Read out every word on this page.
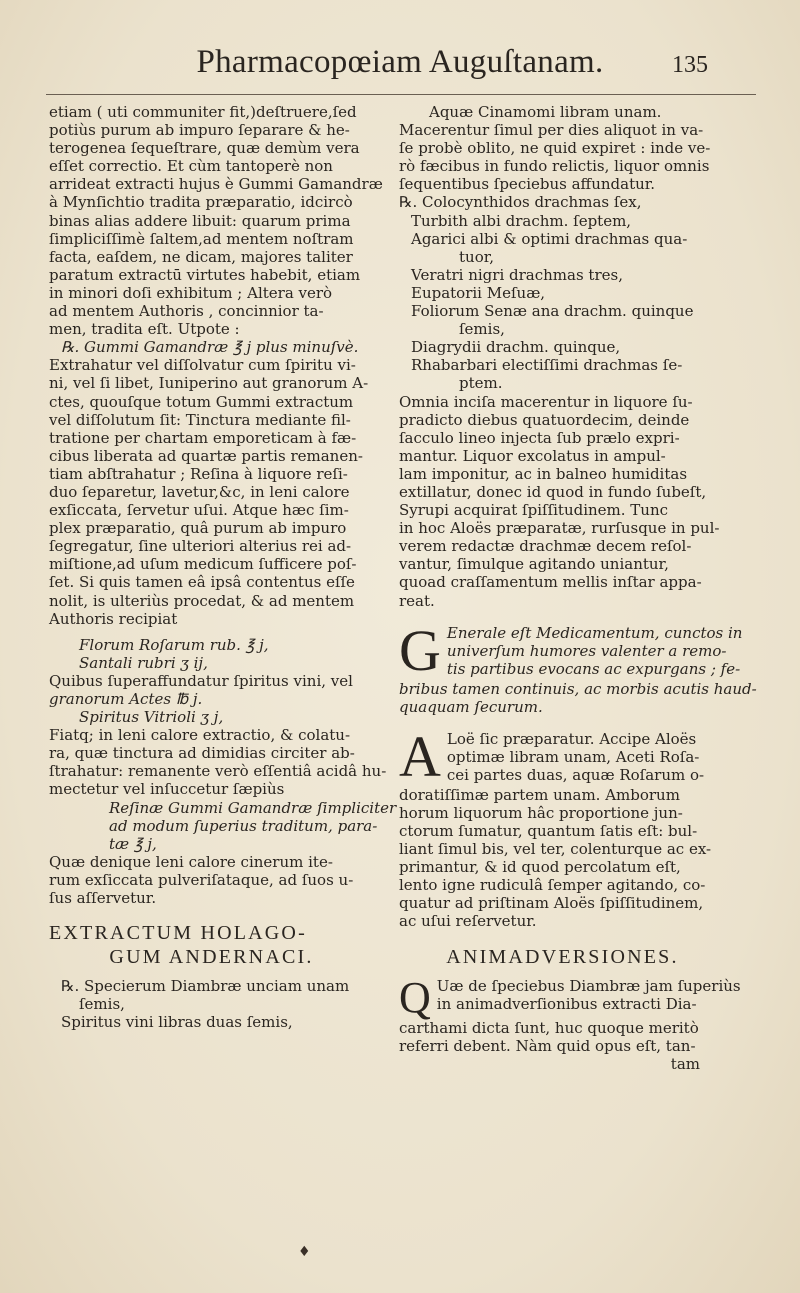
Pharmacopœiam Auguſtanam.	135
etiam ( uti communiter fit,)deſtruere,ſed
potiùs purum ab impuro ſeparare & he-
terogenea ſequeſtrare, quæ demùm vera
eſſet correctio. Et cùm tantoperè non
arrideat extracti hujus è Gummi Gamandræ
à Mynſichtio tradita præparatio, idcircò
binas alias addere libuit: quarum prima
ſimpliciſſimè ſaltem,ad mentem noſtram
facta, eaſdem, ne dicam, majores taliter
paratum extractū virtutes habebit, etiam
in minori doſi exhibitum ; Altera verò
ad mentem Authoris , concinnior ta-
men, tradita eſt. Utpote :
℞. Gummi Gamandræ ℥ j plus minuſvè.
Extrahatur vel diſſolvatur cum ſpiritu vi-
ni, vel ſi libet, Iuniperino aut granorum A-
ctes, quouſque totum Gummi extractum
vel diſſolutum ſit: Tinctura mediante fil-
tratione per chartam emporeticam à fæ-
cibus liberata ad quartæ partis remanen-
tiam abſtrahatur ; Reſina à liquore reſi-
duo ſeparetur, lavetur,&c, in leni calore
exſiccata, ſervetur uſui. Atque hæc ſim-
plex præparatio, quâ purum ab impuro
ſegregatur, ſine ulteriori alterius rei ad-
miſtione,ad uſum medicum ſufficere poſ-
ſet. Si quis tamen eâ ipsâ contentus eſſe
nolit, is ulteriùs procedat, & ad mentem
Authoris recipiat
Florum Roſarum rub. ℥ j,
Santali rubri ʒ ij,
Quibus ſuperaffundatur ſpiritus vini, vel
granorum Actes ℔ j.
Spiritus Vitrioli ʒ j,
Fiatq; in leni calore extractio, & colatu-
ra, quæ tinctura ad dimidias circiter ab-
ſtrahatur: remanente verò eſſentiâ acidâ hu-
mectetur vel inſuccetur ſæpiùs
Reſinæ Gummi Gamandræ ſimpliciter
ad modum ſuperius traditum, para-
tæ ℥ j,
Quæ denique leni calore cinerum ite-
rum exſiccata pulveriſataque, ad ſuos u-
ſus aſſervetur.
EXTRACTUM HOLAGO-
GUM ANDERNACI.
℞. Specierum Diambræ unciam unam
ſemis,
Spiritus vini libras duas ſemis,
Aquæ Cinamomi libram unam.
Macerentur ſimul per dies aliquot in va-
ſe probè oblito, ne quid expiret : inde ve-
rò fæcibus in fundo relictis, liquor omnis
ſequentibus ſpeciebus affundatur.
℞. Colocynthidos drachmas ſex,
Turbith albi drachm. ſeptem,
Agarici albi & optimi drachmas qua-
tuor,
Veratri nigri drachmas tres,
Eupatorii Meſuæ,
Foliorum Senæ ana drachm. quinque
ſemis,
Diagrydii drachm. quinque,
Rhabarbari electiſſimi drachmas ſe-
ptem.
Omnia inciſa macerentur in liquore ſu-
pradicto diebus quatuordecim, deinde
ſacculo lineo injecta ſub prælo expri-
mantur. Liquor excolatus in ampul-
lam imponitur, ac in balneo humiditas
extillatur, donec id quod in fundo ſubeſt,
Syrupi acquirat ſpiſſitudinem. Tunc
in hoc Aloës præparatæ, rurſusque in pul-
verem redactæ drachmæ decem reſol-
vantur, ſimulque agitando uniantur,
quoad craſſamentum mellis inſtar appa-
reat.
G Enerale eſt Medicamentum, cunctos in
univerſum humores valenter a remo-
tis partibus evocans ac expurgans ; fe-
bribus tamen continuis, ac morbis acutis haud-
quaquam ſecurum.
A Loë ſic præparatur. Accipe Aloës
optimæ libram unam, Aceti Roſa-
cei partes duas, aquæ Roſarum o-
doratiſſimæ partem unam. Amborum
horum liquorum hâc proportione jun-
ctorum ſumatur, quantum ſatis eſt: bul-
liant ſimul bis, vel ter, colenturque ac ex-
primantur, & id quod percolatum eſt,
lento igne rudiculâ ſemper agitando, co-
quatur ad priſtinam Aloës ſpiſſitudinem,
ac uſui reſervetur.
ANIMADVERSIONES.
Q Uæ de ſpeciebus Diambræ jam ſuperiùs
in animadverſionibus extracti Dia-
carthami dicta ſunt, huc quoque meritò
referri debent. Nàm quid opus eſt, tan-
tam
♦
